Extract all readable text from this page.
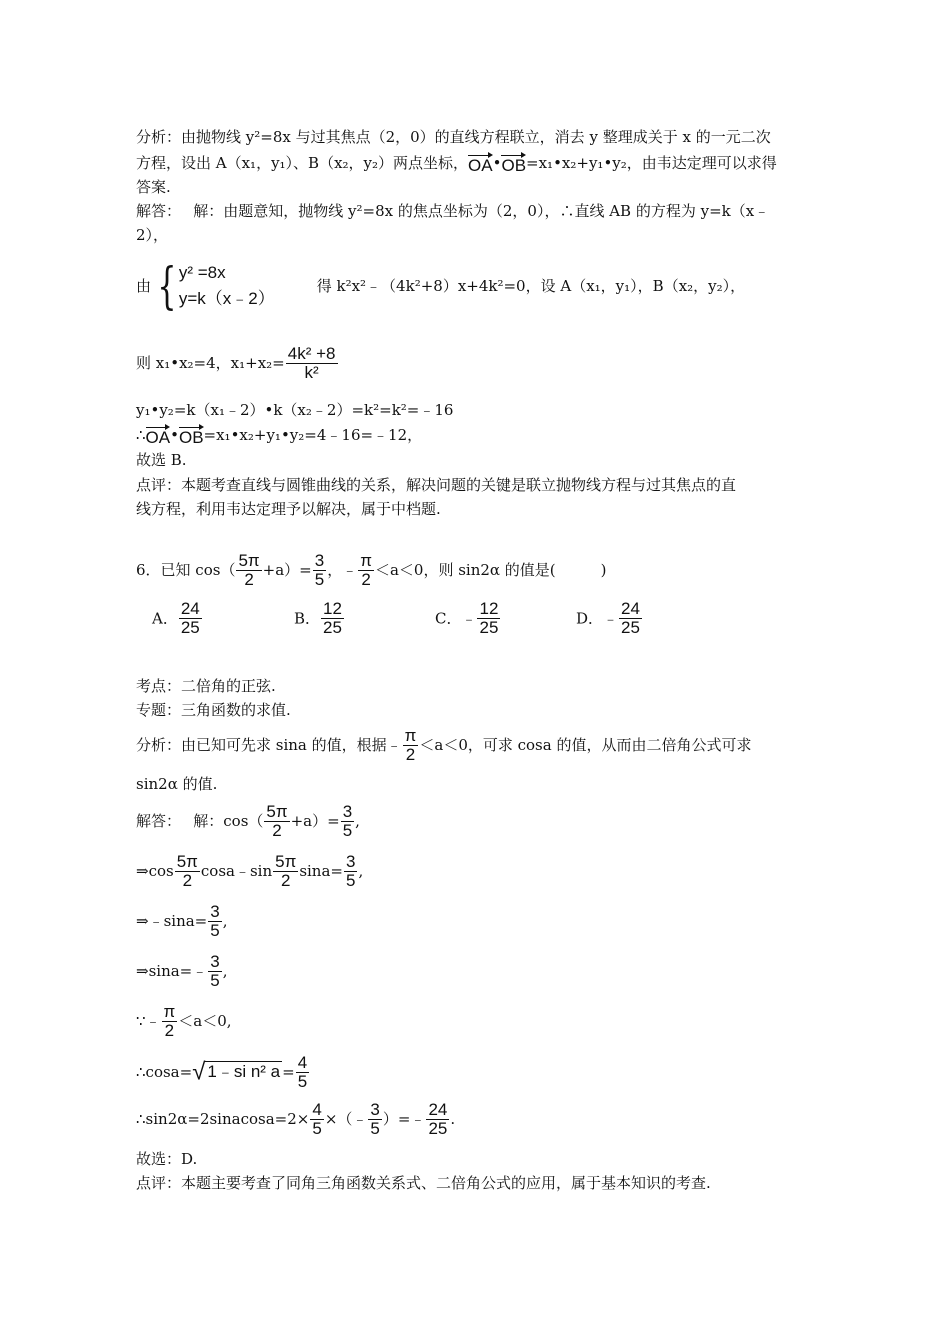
分析：由抛物线 y²=8x 与过其焦点（2，0）的直线方程联立，消去 y 整理成关于 x 的一元二次
方程，设出 A（x₁，y₁）、B（x₂，y₂）两点坐标，OA•OB=x₁•x₂+y₁•y₂，由韦达定理可以求得
答案.
解答：　 解：由题意知，抛物线 y²=8x 的焦点坐标为（2，0），∴直线 AB 的方程为 y=k（x﹣
2），
由 { y² =8x
y=k（x﹣2）
得 k²x²﹣（4k²+8）x+4k²=0，设 A（x₁，y₁），B（x₂，y₂），
则 x₁•x₂=4，$x_1+x_2= \frac{\text{4k² +8}}{\text{k²}}$
y₁•y₂=k（x₁﹣2）•k（x₂﹣2）=k²=k²=﹣16
∴OA•OB=x₁•x₂+y₁•y₂=4﹣16=﹣12，
故选 B.
点评：本题考查直线与圆锥曲线的关系，解决问题的关键是联立抛物线方程与过其焦点的直
线方程，利用韦达定理予以解决，属于中档题.
6．已知 $\cos( \frac{5\pi}{2} +a)= \frac{3}{5}$ ，﹣ $\frac{\pi}{2} <a<0$，则 sin2α 的值是(　　　)
A． $\frac{24}{25}$	B． $\frac{12}{25}$	C．﹣ $\frac{12}{25}$	D．﹣ $\frac{24}{25}$
考点：二倍角的正弦.
专题：三角函数的求值.
分析：由已知可先求 sina 的值，根据﹣ $\frac{\pi}{2} <a<0$，可求 cosa 的值，从而由二倍角公式可求
sin2α 的值.
解答：　 解：$\cos( \frac{5\pi}{2} +a)= \frac{3}{5}$ ,
⇒cos $\frac{5\pi}{2}$ cosa﹣sin $\frac{5\pi}{2} \sin a= \frac{3}{5}$ ,
⇒﹣sina= $\frac{3}{5}$ ,
⇒sina=﹣ $\frac{3}{5}$ ,
∵﹣ $\frac{\pi}{2} <a<0$,
∴cosa=√ 1﹣si n² $a = \frac{4}{5}$
∴sin2α=2sinacosa=2× $\frac{4}{5}$ ×（﹣ $\frac{3}{5}$ ）=﹣ $\frac{24}{25}$ .
故选：D.
点评：本题主要考查了同角三角函数关系式、二倍角公式的应用，属于基本知识的考查.
